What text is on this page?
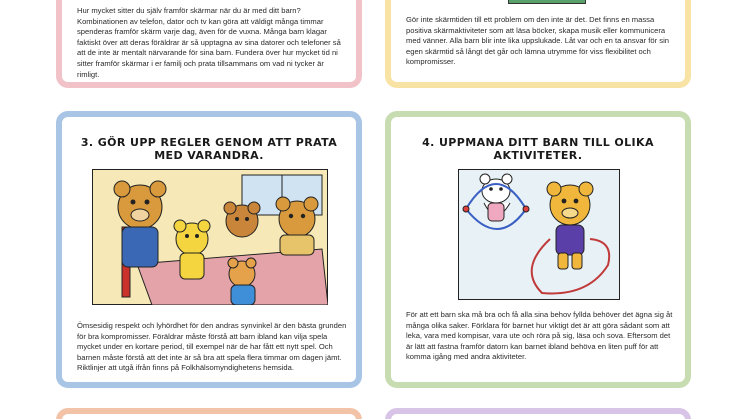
Hur mycket sitter du själv framför skärmar när du är med ditt barn? Kombinationen av telefon, dator och tv kan göra att väldigt många timmar spenderas framför skärm varje dag, även för de vuxna. Många barn klagar faktiskt över att deras föräldrar är så upptagna av sina datorer och telefoner så att de inte är mentalt närvarande för sina barn. Fundera över hur mycket tid ni sitter framför skärmar i er familj och prata tillsammans om vad ni tycker är rimligt.

Gör inte skärmtiden till ett problem om den inte är det. Det finns en massa positiva skärmaktiviteter som att läsa böcker, skapa musik eller kommunicera med vänner. Alla barn blir inte lika uppslukade. Låt var och en ta ansvar för sin egen skärmtid så långt det går och lämna utrymme för viss flexibilitet och kompromisser.

3. GÖR UPP REGLER GENOM ATT PRATA MED VARANDRA.

Ömsesidig respekt och lyhördhet för den andras synvinkel är den bästa grunden för bra kompromisser. Föräldrar måste förstå att barn ibland kan vilja spela mycket under en kortare period, till exempel när de har fått ett nytt spel. Och barnen måste förstå att det inte är så bra att spela flera timmar om dagen jämt. Riktlinjer att utgå ifrån finns på Folkhälsomyndighetens hemsida.

4. UPPMANA DITT BARN TILL OLIKA AKTIVITETER.

För att ett barn ska må bra och få alla sina behov fyllda behöver det ägna sig åt många olika saker. Förklara för barnet hur viktigt det är att göra sådant som att leka, vara med kompisar, vara ute och röra på sig, läsa och sova. Eftersom det är lätt att fastna framför datorn kan barnet ibland behöva en liten puff för att komma igång med andra aktiviteter.
